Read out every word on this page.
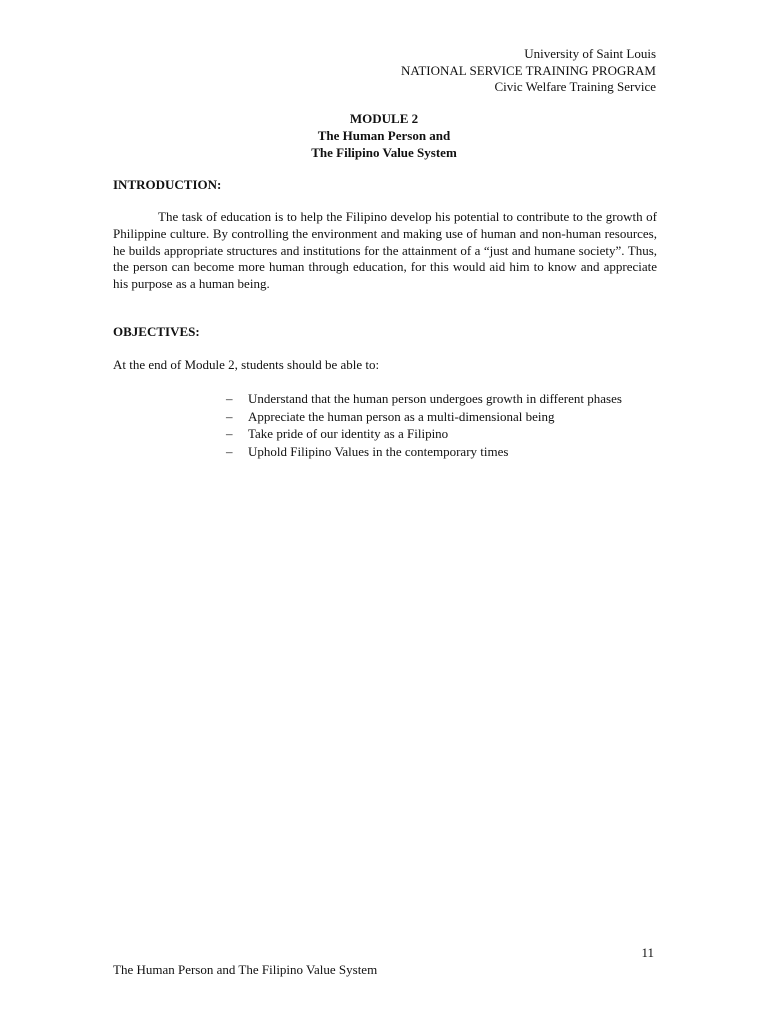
University of Saint Louis
NATIONAL SERVICE TRAINING PROGRAM
Civic Welfare Training Service
MODULE 2
The Human Person and
The Filipino Value System
INTRODUCTION:
The task of education is to help the Filipino develop his potential to contribute to the growth of Philippine culture. By controlling the environment and making use of human and non-human resources, he builds appropriate structures and institutions for the attainment of a “just and humane society”. Thus, the person can become more human through education, for this would aid him to know and appreciate his purpose as a human being.
OBJECTIVES:
At the end of Module 2, students should be able to:
– Understand that the human person undergoes growth in different phases
– Appreciate the human person as a multi-dimensional being
– Take pride of our identity as a Filipino
– Uphold Filipino Values in the contemporary times
11
The Human Person and The Filipino Value System
